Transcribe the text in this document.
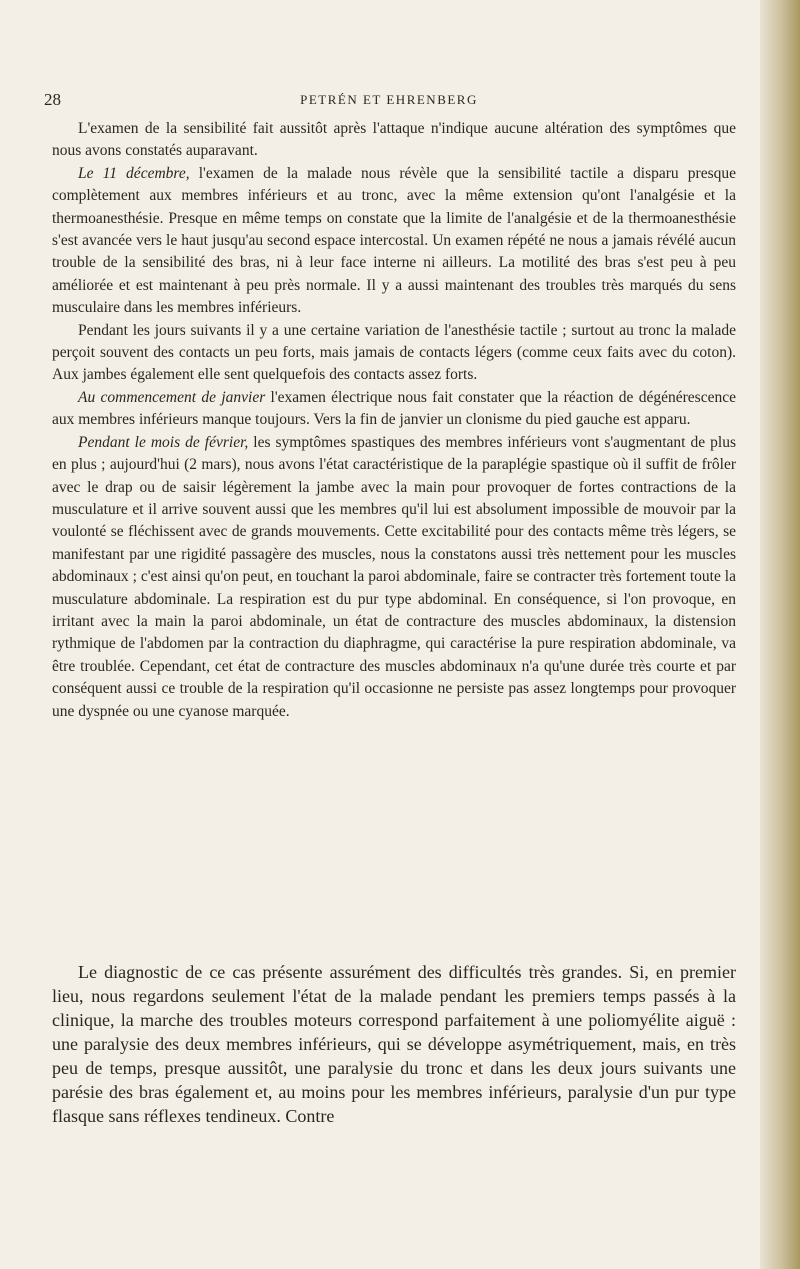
28	PETRÉN ET EHRENBERG

L'examen de la sensibilité fait aussitôt après l'attaque n'indique aucune altération des symptômes que nous avons constatés auparavant.

Le 11 décembre, l'examen de la malade nous révèle que la sensibilité tactile a disparu presque complètement aux membres inférieurs et au tronc, avec la même extension qu'ont l'analgésie et la thermoanesthésie. Presque en même temps on constate que la limite de l'analgésie et de la thermoanesthésie s'est avancée vers le haut jusqu'au second espace intercostal. Un examen répété ne nous a jamais révélé aucun trouble de la sensibilité des bras, ni à leur face interne ni ailleurs. La motilité des bras s'est peu à peu améliorée et est maintenant à peu près normale. Il y a aussi maintenant des troubles très marqués du sens musculaire dans les membres inférieurs.

Pendant les jours suivants il y a une certaine variation de l'anesthésie tactile ; surtout au tronc la malade perçoit souvent des contacts un peu forts, mais jamais de contacts légers (comme ceux faits avec du coton). Aux jambes également elle sent quelquefois des contacts assez forts.

Au commencement de janvier l'examen électrique nous fait constater que la réaction de dégénérescence aux membres inférieurs manque toujours. Vers la fin de janvier un clonisme du pied gauche est apparu.

Pendant le mois de février, les symptômes spastiques des membres inférieurs vont s'augmentant de plus en plus ; aujourd'hui (2 mars), nous avons l'état caractéristique de la paraplégie spastique où il suffit de frôler avec le drap ou de saisir légèrement la jambe avec la main pour provoquer de fortes contractions de la musculature et il arrive souvent aussi que les membres qu'il lui est absolument impossible de mouvoir par la voulonté se fléchissent avec de grands mouvements. Cette excitabilité pour des contacts même très légers, se manifestant par une rigidité passagère des muscles, nous la constatons aussi très nettement pour les muscles abdominaux ; c'est ainsi qu'on peut, en touchant la paroi abdominale, faire se contracter très fortement toute la musculature abdominale. La respiration est du pur type abdominal. En conséquence, si l'on provoque, en irritant avec la main la paroi abdominale, un état de contracture des muscles abdominaux, la distension rythmique de l'abdomen par la contraction du diaphragme, qui caractérise la pure respiration abdominale, va être troublée. Cependant, cet état de contracture des muscles abdominaux n'a qu'une durée très courte et par conséquent aussi ce trouble de la respiration qu'il occasionne ne persiste pas assez longtemps pour provoquer une dyspnée ou une cyanose marquée.

Le diagnostic de ce cas présente assurément des difficultés très grandes. Si, en premier lieu, nous regardons seulement l'état de la malade pendant les premiers temps passés à la clinique, la marche des troubles moteurs correspond parfaitement à une poliomyélite aiguë : une paralysie des deux membres inférieurs, qui se développe asymétriquement, mais, en très peu de temps, presque aussitôt, une paralysie du tronc et dans les deux jours suivants une parésie des bras également et, au moins pour les membres inférieurs, paralysie d'un pur type flasque sans réflexes tendineux. Contre
